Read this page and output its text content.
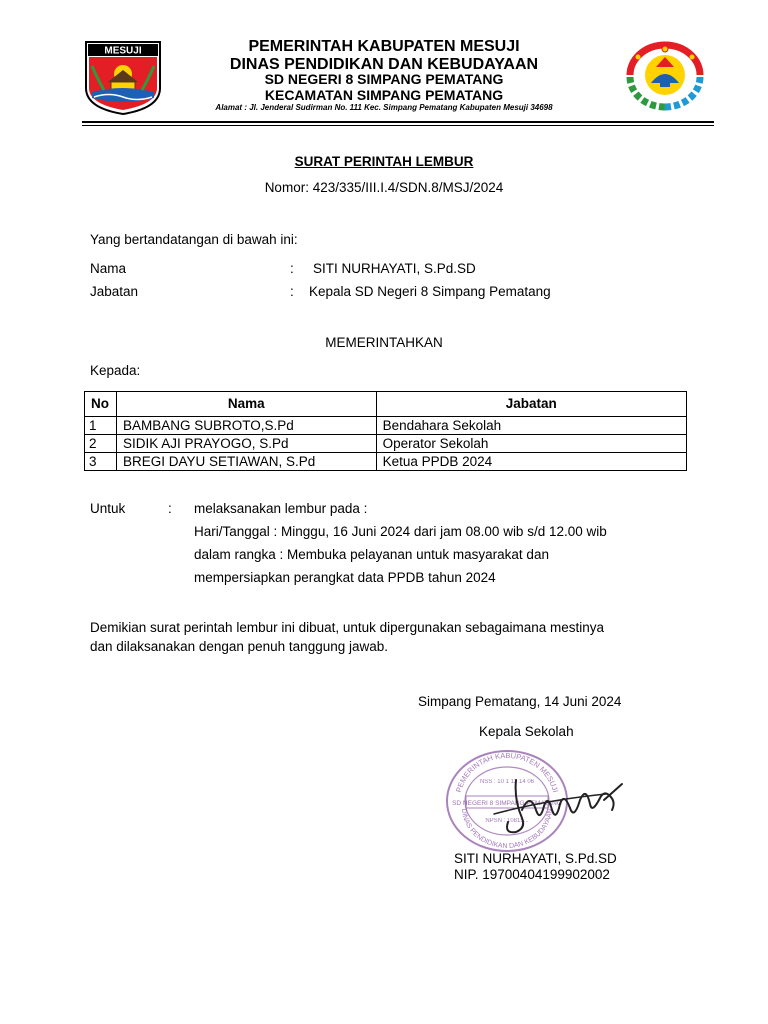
MESUJI	PEMERINTAH KABUPATEN MESUJI
DINAS PENDIDIKAN DAN KEBUDAYAAN
SD NEGERI 8 SIMPANG PEMATANG
KECAMATAN SIMPANG PEMATANG
Alamat : Jl. Jenderal Sudirman No. 111 Kec. Simpang Pematang Kabupaten Mesuji 34698
SURAT PERINTAH LEMBUR
Nomor: 423/335/III.I.4/SDN.8/MSJ/2024
Yang bertandatangan di bawah ini:
Nama	: SITI NURHAYATI, S.Pd.SD
Jabatan	: Kepala SD Negeri 8 Simpang Pematang
MEMERINTAHKAN
Kepada:
No	Nama	Jabatan
1	BAMBANG SUBROTO,S.Pd	Bendahara Sekolah
2	SIDIK AJI PRAYOGO, S.Pd	Operator Sekolah
3	BREGI DAYU SETIAWAN, S.Pd	Ketua PPDB 2024
Untuk	: melaksanakan lembur pada :
Hari/Tanggal : Minggu, 16 Juni 2024 dari jam 08.00 wib s/d 12.00 wib
dalam rangka : Membuka pelayanan untuk masyarakat dan
mempersiapkan perangkat data PPDB tahun 2024
Demikian surat perintah lembur ini dibuat, untuk dipergunakan sebagaimana mestinya
dan dilaksanakan dengan penuh tanggung jawab.
Simpang Pematang, 14 Juni 2024
Kepala Sekolah
PEMERINTAH KABUPATEN MESUJI
DINAS PENDIDIKAN DAN KEBUDAYAAN
NSS : 10 1 12 14 06
SD NEGERI 8 SIMPANG PEMATANG
NPSN : 10815...
SITI NURHAYATI, S.Pd.SD
NIP. 19700404199902002
